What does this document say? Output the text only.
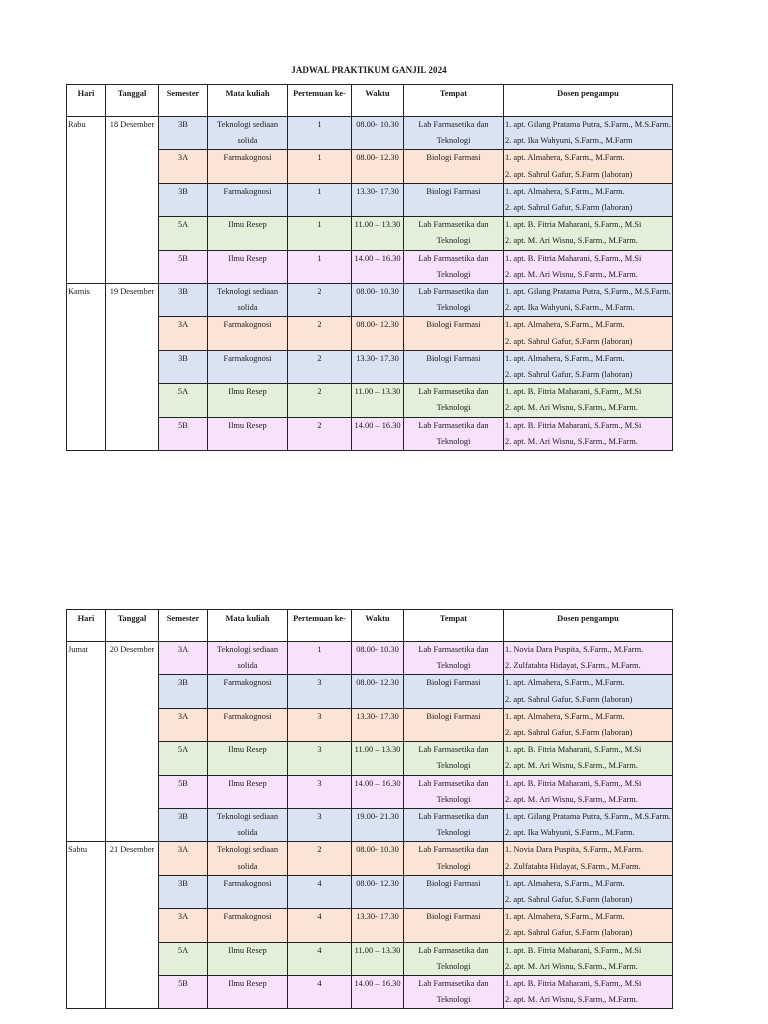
JADWAL PRAKTIKUM GANJIL 2024
Hari	Tanggal	Semester	Mata kuliah	Pertemuan ke-	Waktu	Tempat	Dosen pengampu
Rabu	18 Desember	3B	Teknologi sediaan solida	1	08.00- 10.30	Lab Farmasetika dan Teknologi	1. apt. Gilang Pratama Putra, S.Farm., M.S.Farm.
2. apt. Ika Wahyuni, S.Farm., M.Farm

		3A	Farmakognosi	1	08.00- 12.30	Biologi Farmasi	1. apt. Almahera, S.Farm., M.Farm.
2. apt. Sahrul Gafur, S.Farm (laboran)

		3B	Farmakognosi	1	13.30- 17.30	Biologi Farmasi	1. apt. Almahera, S.Farm., M.Farm.
2. apt. Sahrul Gafur, S.Farm (laboran)

		5A	Ilmu Resep	1	11.00 – 13.30	Lab Farmasetika dan Teknologi	1. apt. B. Fitria Maharani, S.Farm., M.Si
2. apt. M. Ari Wisnu, S.Farm., M.Farm.

		5B	Ilmu Resep	1	14.00 – 16.30	Lab Farmasetika dan Teknologi	1. apt. B. Fitria Maharani, S.Farm., M.Si
2. apt. M. Ari Wisnu, S.Farm., M.Farm.

Kamis	19 Desember	3B	Teknologi sediaan solida	2	08.00- 10.30	Lab Farmasetika dan Teknologi	1. apt. Gilang Pratama Putra, S.Farm., M.S.Farm.
2. apt. Ika Wahyuni, S.Farm., M.Farm.

		3A	Farmakognosi	2	08.00- 12.30	Biologi Farmasi	1. apt. Almahera, S.Farm., M.Farm.
2. apt. Sahrul Gafur, S.Farm (laboran)

		3B	Farmakognosi	2	13.30- 17.30	Biologi Farmasi	1. apt. Almahera, S.Farm., M.Farm.
2. apt. Sahrul Gafur, S.Farm (laboran)

		5A	Ilmu Resep	2	11.00 – 13.30	Lab Farmasetika dan Teknologi	1. apt. B. Fitria Maharani, S.Farm., M.Si
2. apt. M. Ari Wisnu, S.Farm., M.Farm.

		5B	Ilmu Resep	2	14.00 – 16.30	Lab Farmasetika dan Teknologi	1. apt. B. Fitria Maharani, S.Farm., M.Si
2. apt. M. Ari Wisnu, S.Farm., M.Farm.
Hari	Tanggal	Semester	Mata kuliah	Pertemuan ke-	Waktu	Tempat	Dosen pengampu
Jumat	20 Desember	3A	Teknologi sediaan solida	1	08.00- 10.30	Lab Farmasetika dan Teknologi	1. Novia Dara Puspita, S.Farm., M.Farm.
2. Zulfatahta Hidayat, S.Farm., M.Farm.

		3B	Farmakognosi	3	08.00- 12.30	Biologi Farmasi	1. apt. Almahera, S.Farm., M.Farm.
2. apt. Sahrul Gafur, S.Farm (laboran)

		3A	Farmakognosi	3	13.30- 17.30	Biologi Farmasi	1. apt. Almahera, S.Farm., M.Farm.
2. apt. Sahrul Gafur, S.Farm (laboran)

		5A	Ilmu Resep	3	11.00 – 13.30	Lab Farmasetika dan Teknologi	1. apt. B. Fitria Maharani, S.Farm., M.Si
2. apt. M. Ari Wisnu, S.Farm., M.Farm.

		5B	Ilmu Resep	3	14.00 – 16.30	Lab Farmasetika dan Teknologi	1. apt. B. Fitria Maharani, S.Farm., M.Si
2. apt. M. Ari Wisnu, S.Farm., M.Farm.

		3B	Teknologi sediaan solida	3	19.00- 21.30	Lab Farmasetika dan Teknologi	1. apt. Gilang Pratama Putra, S.Farm., M.S.Farm.
2. apt. Ika Wahyuni, S.Farm., M.Farm.

Sabtu	21 Desember	3A	Teknologi sediaan solida	2	08.00- 10.30	Lab Farmasetika dan Teknologi	1. Novia Dara Puspita, S.Farm., M.Farm.
2. Zulfatahta Hidayat, S.Farm., M.Farm.

		3B	Farmakognosi	4	08.00- 12.30	Biologi Farmasi	1. apt. Almahera, S.Farm., M.Farm.
2. apt. Sahrul Gafur, S.Farm (laboran)

		3A	Farmakognosi	4	13.30- 17.30	Biologi Farmasi	1. apt. Almahera, S.Farm., M.Farm.
2. apt. Sahrul Gafur, S.Farm (laboran)

		5A	Ilmu Resep	4	11.00 – 13.30	Lab Farmasetika dan Teknologi	1. apt. B. Fitria Maharani, S.Farm., M.Si
2. apt. M. Ari Wisnu, S.Farm., M.Farm.

		5B	Ilmu Resep	4	14.00 – 16.30	Lab Farmasetika dan Teknologi	1. apt. B. Fitria Maharani, S.Farm., M.Si
2. apt. M. Ari Wisnu, S.Farm., M.Farm.
